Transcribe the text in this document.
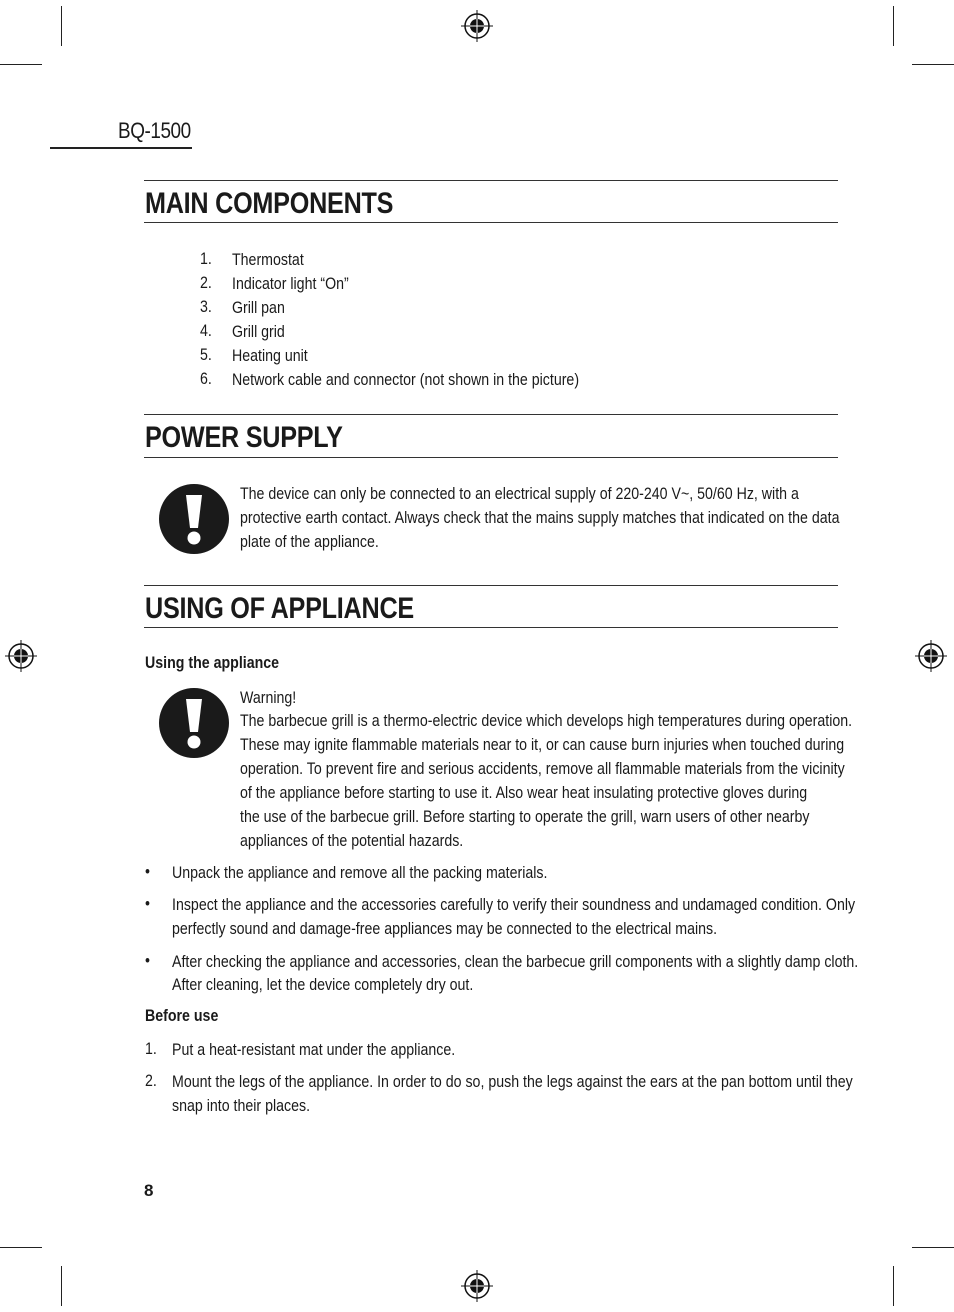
BQ-1500
MAIN COMPONENTS
1. Thermostat
2. Indicator light “On”
3. Grill pan
4. Grill grid
5. Heating unit
6. Network cable and connector (not shown in the picture)
POWER SUPPLY
The device can only be connected to an electrical supply of 220-240 V~, 50/60 Hz, with a
protective earth contact. Always check that the mains supply matches that indicated on the data
plate of the appliance.
USING OF APPLIANCE
Using the appliance
Warning!
The barbecue grill is a thermo-electric device which develops high temperatures during operation.
These may ignite flammable materials near to it, or can cause burn injuries when touched during
operation. To prevent fire and serious accidents, remove all flammable materials from the vicinity
of the appliance before starting to use it. Also wear heat insulating protective gloves during
the use of the barbecue grill. Before starting to operate the grill, warn users of other nearby
appliances of the potential hazards.
• Unpack the appliance and remove all the packing materials.
• Inspect the appliance and the accessories carefully to verify their soundness and undamaged condition. Only
perfectly sound and damage-free appliances may be connected to the electrical mains.
• After checking the appliance and accessories, clean the barbecue grill components with a slightly damp cloth.
After cleaning, let the device completely dry out.
Before use
1. Put a heat-resistant mat under the appliance.
2. Mount the legs of the appliance. In order to do so, push the legs against the ears at the pan bottom until they
snap into their places.
8
